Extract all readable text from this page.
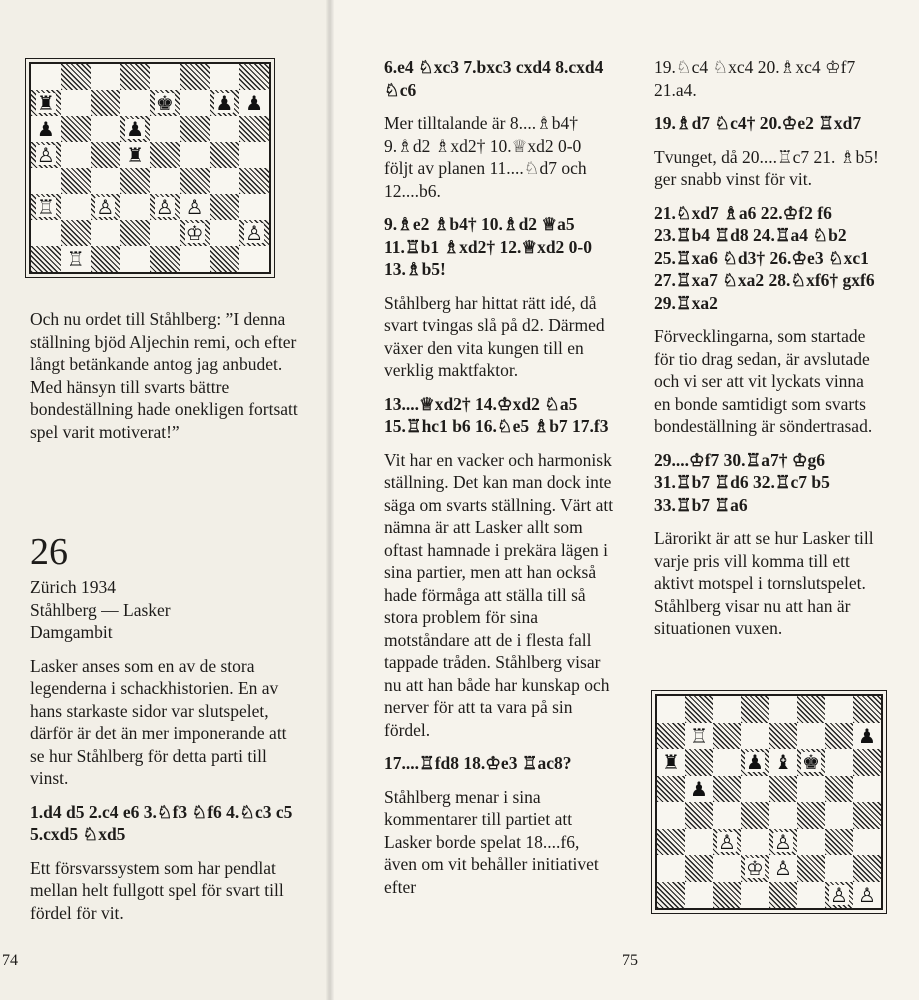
♜	♚ ♟ ♟
♟	♟
♙	♜
♖ ♙ ♙ ♙
♔ ♙
♖

Och nu ordet till Ståhlberg: ”I denna ställning bjöd Aljechin remi, och efter långt betänkande antog jag anbudet. Med hänsyn till svarts bättre bondeställning hade onekligen fortsatt spel varit motiverat!”

26
Zürich 1934
Ståhlberg — Lasker

Damgambit

Lasker anses som en av de stora legenderna i schackhistorien. En av hans starkaste sidor var slutspelet, därför är det än mer imponerande att se hur Ståhlberg för detta parti till vinst.

1.d4 d5 2.c4 e6 3.♘f3 ♘f6 4.♘c3 c5 5.cxd5 ♘xd5

Ett försvarssystem som har pendlat mellan helt fullgott spel för svart till fördel för vit.

74

6.e4 ♘xc3 7.bxc3 cxd4 8.cxd4 ♘c6

Mer tilltalande är 8....♗b4† 9.♗d2 ♗xd2† 10.♕xd2 0-0 följt av planen 11....♘d7 och 12....b6.

9.♗e2 ♗b4† 10.♗d2 ♕a5 11.♖b1 ♗xd2† 12.♕xd2 0-0 13.♗b5!

Ståhlberg har hittat rätt idé, då svart tvingas slå på d2. Därmed växer den vita kungen till en verklig maktfaktor.

13....♕xd2† 14.♔xd2 ♘a5 15.♖hc1 b6 16.♘e5 ♗b7 17.f3

Vit har en vacker och harmonisk ställning. Det kan man dock inte säga om svarts ställning. Värt att nämna är att Lasker allt som oftast hamnade i prekära lägen i sina partier, men att han också hade förmåga att ställa till så stora problem för sina motståndare att de i flesta fall tappade tråden. Ståhlberg visar nu att han både har kunskap och nerver för att ta vara på sin fördel.

17....♖fd8 18.♔e3 ♖ac8?

Ståhlberg menar i sina kommentarer till partiet att Lasker borde spelat 18....f6, även om vit behåller initiativet efter

19.♘c4 ♘xc4 20.♗xc4 ♔f7 21.a4.

19.♗d7 ♘c4† 20.♔e2 ♖xd7

Tvunget, då 20....♖c7 21. ♗b5! ger snabb vinst för vit.

21.♘xd7 ♗a6 22.♔f2 f6 23.♖b4 ♖d8 24.♖a4 ♘b2 25.♖xa6 ♘d3† 26.♔e3 ♘xc1 27.♖xa7 ♘xa2 28.♘xf6† gxf6 29.♖xa2

Förvecklingarna, som startade för tio drag sedan, är avslutade och vi ser att vit lyckats vinna en bonde samtidigt som svarts bondeställning är söndertrasad.

29....♔f7 30.♖a7† ♔g6 31.♖b7 ♖d6 32.♖c7 b5 33.♖b7 ♖a6

Lärorikt är att se hur Lasker till varje pris vill komma till ett aktivt motspel i tornslutspelet. Ståhlberg visar nu att han är situationen vuxen.

♖	♟
♜	♟ ♝ ♚
♟
♙ ♙
♔ ♙
♙ ♙
75
